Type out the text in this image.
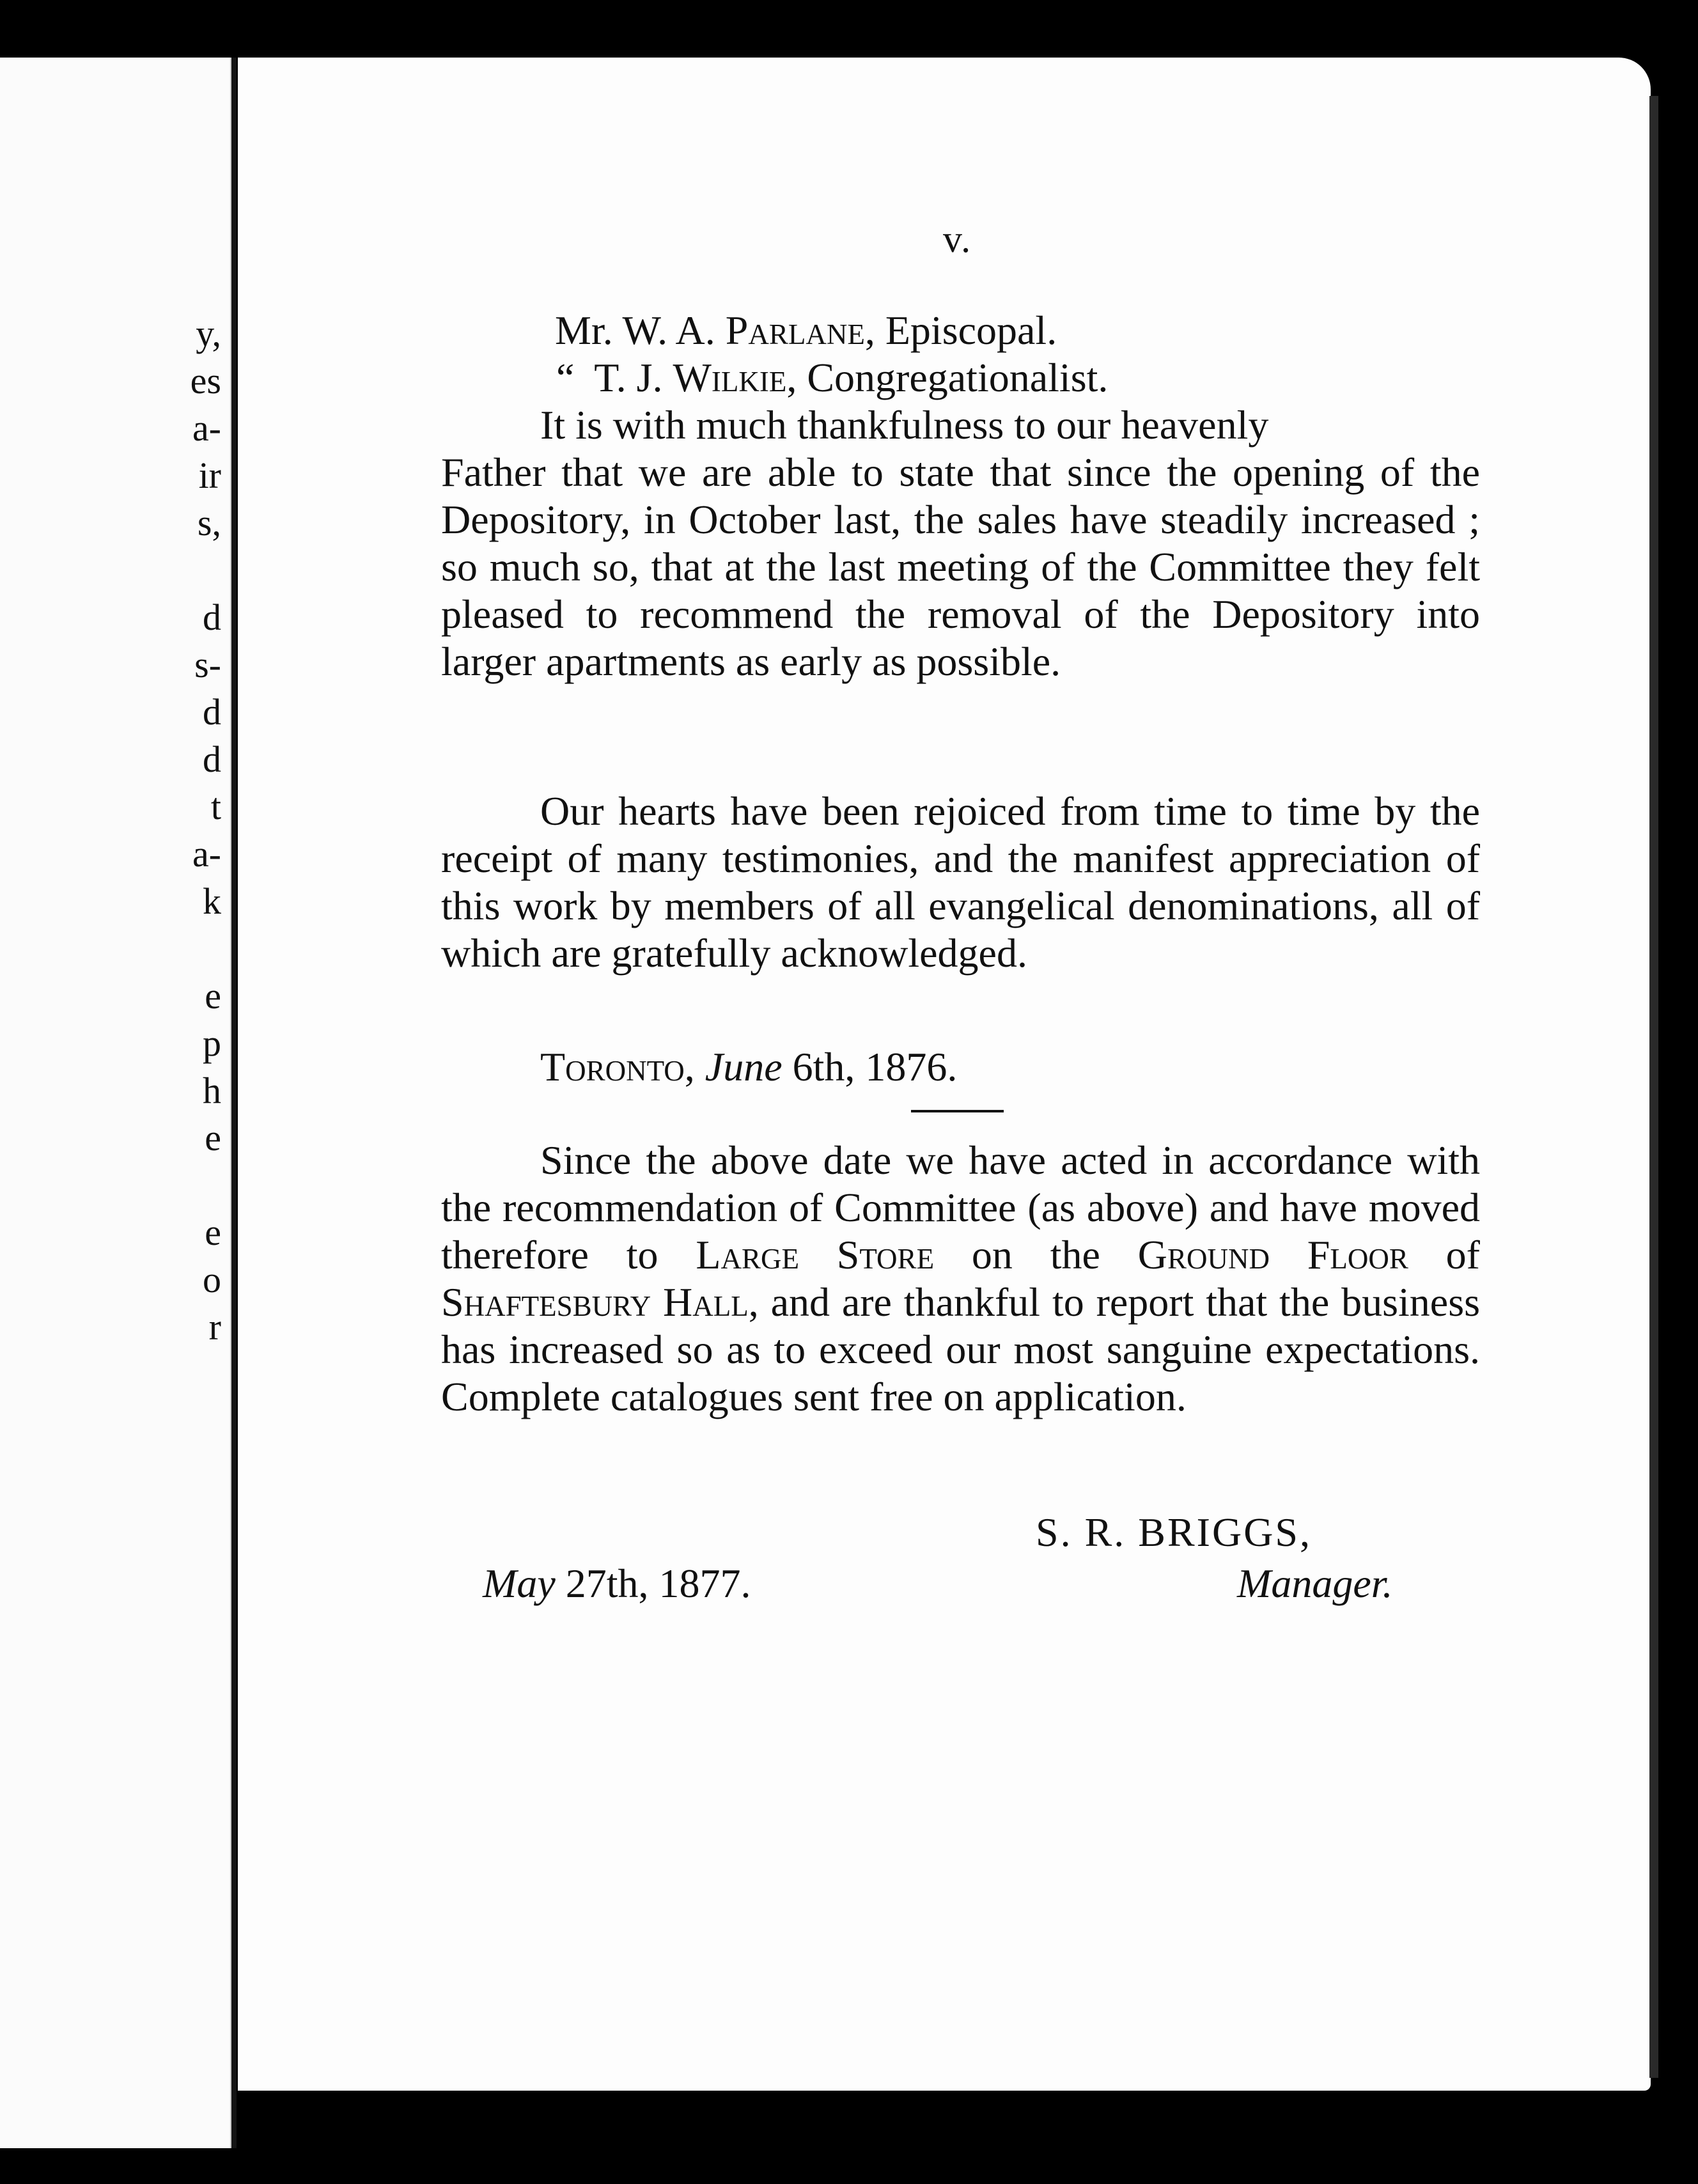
y,
es
a-
ir
s,
d
s-
d
d
t
a-
k
e
p
h
e
e
o
r
v.
Mr. W. A. Parlane, Episcopal.
“  T. J. Wilkie, Congregationalist.
It is with much thankfulness to our heavenly
Father that we are able to state that since the opening of the Depository, in October last, the sales have steadily increased ; so much so, that at the last meeting of the Committee they felt pleased to recommend the removal of the Depository into larger apartments as early as possible.
Our hearts have been rejoiced from time to time by the receipt of many testimonies, and the manifest appreciation of this work by members of all evangelical denominations, all of which are gratefully acknowledged.
Toronto, June 6th, 1876.
Since the above date we have acted in accordance with the recommendation of Committee (as above) and have moved therefore to Large Store on the Ground Floor of Shaftesbury Hall, and are thankful to report that the business has increased so as to exceed our most sanguine expectations. Complete catalogues sent free on application.
S. R. BRIGGS,
May 27th, 1877.	Manager.
